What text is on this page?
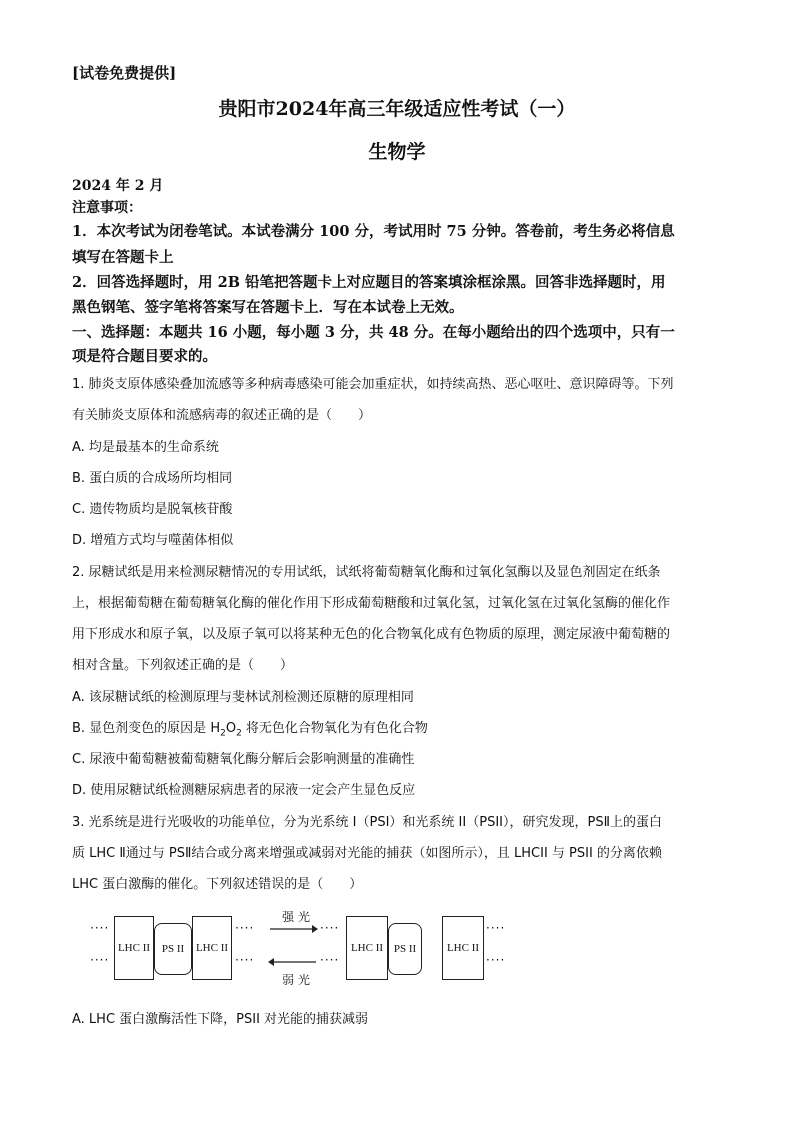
[试卷免费提供]
贵阳市2024年高三年级适应性考试（一）
生物学
2024 年 2 月
注意事项：
1．本次考试为闭卷笔试。本试卷满分 100 分，考试用时 75 分钟。答卷前，考生务必将信息
填写在答题卡上
2．回答选择题时，用 2B 铅笔把答题卡上对应题目的答案填涂框涂黑。回答非选择题时，用
黑色钢笔、签字笔将答案写在答题卡上．写在本试卷上无效。
一、选择题：本题共 16 小题，每小题 3 分，共 48 分。在每小题给出的四个选项中，只有一
项是符合题目要求的。
1. 肺炎支原体感染叠加流感等多种病毒感染可能会加重症状，如持续高热、恶心呕吐、意识障碍等。下列
有关肺炎支原体和流感病毒的叙述正确的是（　　）
A. 均是最基本的生命系统
B. 蛋白质的合成场所均相同
C. 遗传物质均是脱氧核苷酸
D. 增殖方式均与噬菌体相似
2. 尿糖试纸是用来检测尿糖情况的专用试纸，试纸将葡萄糖氧化酶和过氧化氢酶以及显色剂固定在纸条
上，根据葡萄糖在葡萄糖氧化酶的催化作用下形成葡萄糖酸和过氧化氢，过氧化氢在过氧化氢酶的催化作
用下形成水和原子氧，以及原子氧可以将某种无色的化合物氧化成有色物质的原理，测定尿液中葡萄糖的
相对含量。下列叙述正确的是（　　）
A. 该尿糖试纸的检测原理与斐林试剂检测还原糖的原理相同
B. 显色剂变色的原因是 $H_2O_2$ 将无色化合物氧化为有色化合物
C. 尿液中葡萄糖被葡萄糖氧化酶分解后会影响测量的准确性
D. 使用尿糖试纸检测糖尿病患者的尿液一定会产生显色反应
3. 光系统是进行光吸收的功能单位，分为光系统 I（PSI）和光系统 II（PSII），研究发现，PSⅡ上的蛋白
质 LHC Ⅱ通过与 PSⅡ结合或分离来增强或减弱对光能的捕获（如图所示），且 LHCII 与 PSII 的分离依赖
LHC 蛋白激酶的催化。下列叙述错误的是（　　）
····
····
LHC II PS II LHC II
····
····
强光
弱光
····
····
LHC II PS II	LHC II
····
····
A. LHC 蛋白激酶活性下降，PSII 对光能的捕获减弱
